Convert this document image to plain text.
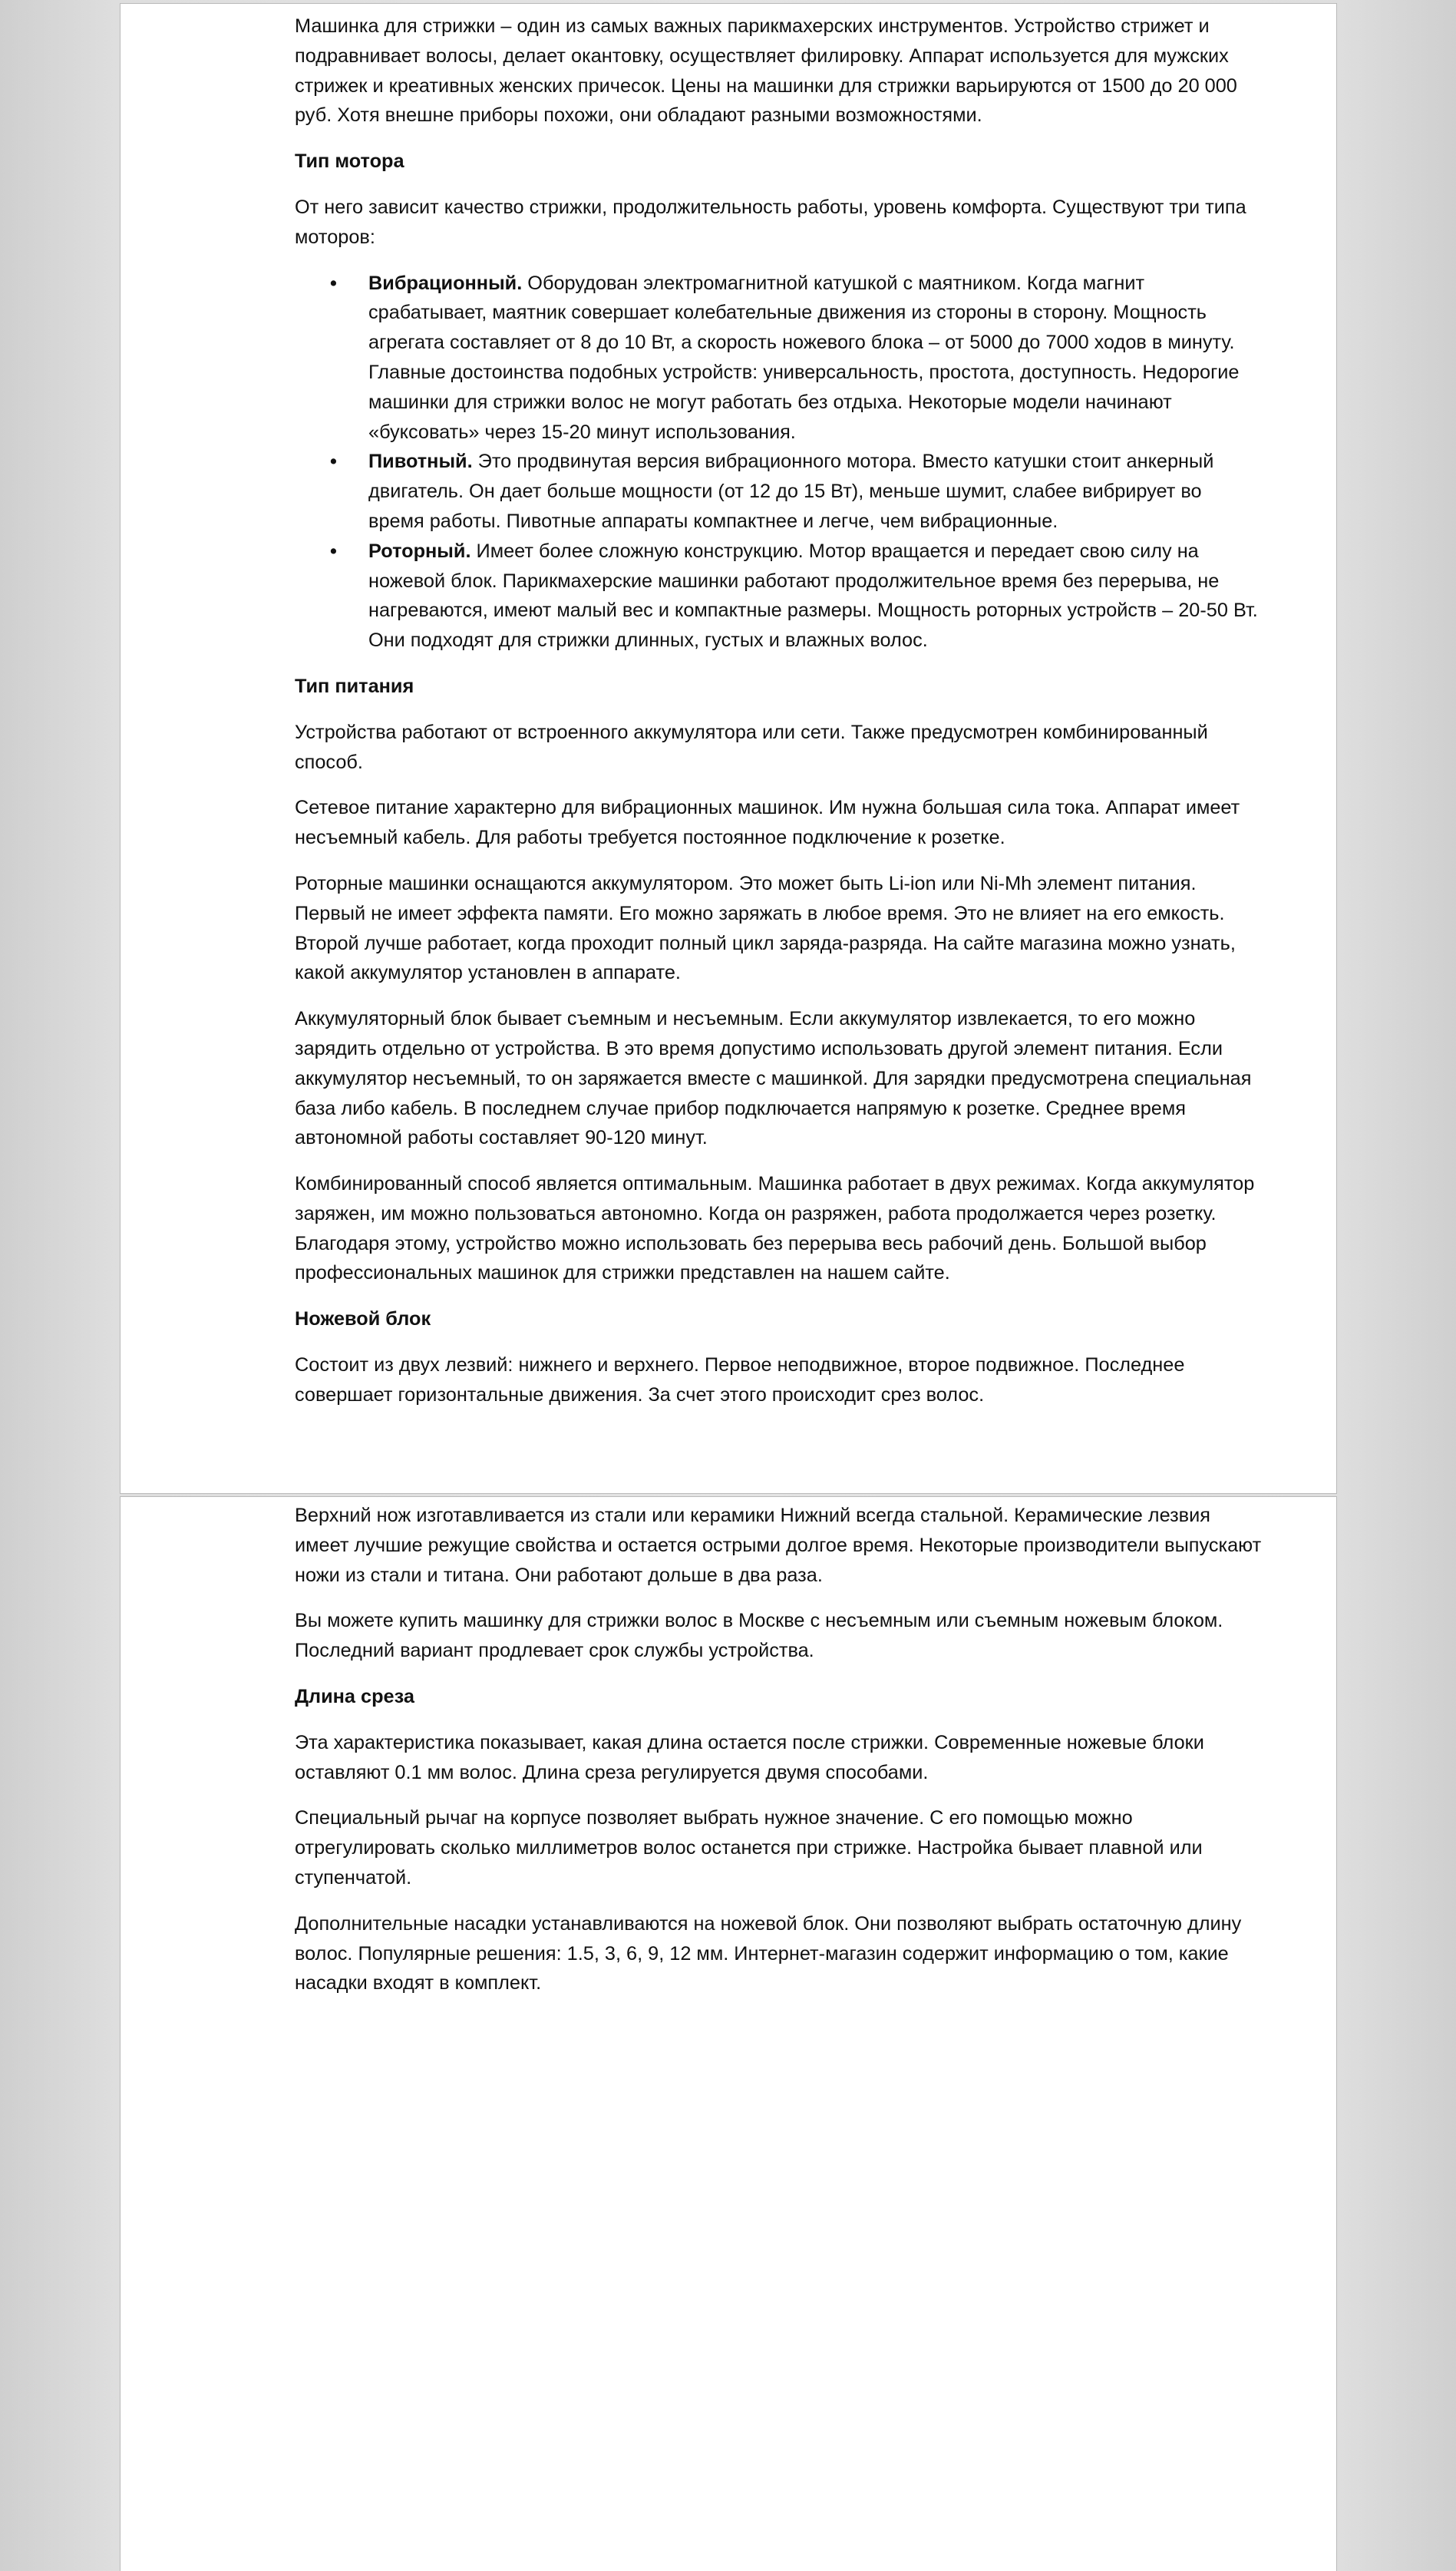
Машинка для стрижки – один из самых важных парикмахерских инструментов. Устройство стрижет и подравнивает волосы, делает окантовку, осуществляет филировку. Аппарат используется для мужских стрижек и креативных женских причесок. Цены на машинки для стрижки варьируются от 1500 до 20 000 руб. Хотя внешне приборы похожи, они обладают разными возможностями.

Тип мотора

От него зависит качество стрижки, продолжительность работы, уровень комфорта. Существуют три типа моторов:

• Вибрационный. Оборудован электромагнитной катушкой с маятником. Когда магнит срабатывает, маятник совершает колебательные движения из стороны в сторону. Мощность агрегата составляет от 8 до 10 Вт, а скорость ножевого блока – от 5000 до 7000 ходов в минуту. Главные достоинства подобных устройств: универсальность, простота, доступность. Недорогие машинки для стрижки волос не могут работать без отдыха. Некоторые модели начинают «буксовать» через 15-20 минут использования.
• Пивотный. Это продвинутая версия вибрационного мотора. Вместо катушки стоит анкерный двигатель. Он дает больше мощности (от 12 до 15 Вт), меньше шумит, слабее вибрирует во время работы. Пивотные аппараты компактнее и легче, чем вибрационные.
• Роторный. Имеет более сложную конструкцию. Мотор вращается и передает свою силу на ножевой блок. Парикмахерские машинки работают продолжительное время без перерыва, не нагреваются, имеют малый вес и компактные размеры. Мощность роторных устройств – 20-50 Вт. Они подходят для стрижки длинных, густых и влажных волос.
Тип питания

Устройства работают от встроенного аккумулятора или сети. Также предусмотрен комбинированный способ.

Сетевое питание характерно для вибрационных машинок. Им нужна большая сила тока. Аппарат имеет несъемный кабель. Для работы требуется постоянное подключение к розетке.

Роторные машинки оснащаются аккумулятором. Это может быть Li-ion или Ni-Mh элемент питания. Первый не имеет эффекта памяти. Его можно заряжать в любое время. Это не влияет на его емкость. Второй лучше работает, когда проходит полный цикл заряда-разряда. На сайте магазина можно узнать, какой аккумулятор установлен в аппарате.

Аккумуляторный блок бывает съемным и несъемным. Если аккумулятор извлекается, то его можно зарядить отдельно от устройства. В это время допустимо использовать другой элемент питания. Если аккумулятор несъемный, то он заряжается вместе с машинкой. Для зарядки предусмотрена специальная база либо кабель. В последнем случае прибор подключается напрямую к розетке. Среднее время автономной работы составляет 90-120 минут.

Комбинированный способ является оптимальным. Машинка работает в двух режимах. Когда аккумулятор заряжен, им можно пользоваться автономно. Когда он разряжен, работа продолжается через розетку. Благодаря этому, устройство можно использовать без перерыва весь рабочий день. Большой выбор профессиональных машинок для стрижки представлен на нашем сайте.

Ножевой блок

Состоит из двух лезвий: нижнего и верхнего. Первое неподвижное, второе подвижное. Последнее совершает горизонтальные движения. За счет этого происходит срез волос.

Верхний нож изготавливается из стали или керамики Нижний всегда стальной. Керамические лезвия имеет лучшие режущие свойства и остается острыми долгое время. Некоторые производители выпускают ножи из стали и титана. Они работают дольше в два раза.

Вы можете купить машинку для стрижки волос в Москве с несъемным или съемным ножевым блоком. Последний вариант продлевает срок службы устройства.

Длина среза

Эта характеристика показывает, какая длина остается после стрижки. Современные ножевые блоки оставляют 0.1 мм волос. Длина среза регулируется двумя способами.

Специальный рычаг на корпусе позволяет выбрать нужное значение. С его помощью можно отрегулировать сколько миллиметров волос останется при стрижке. Настройка бывает плавной или ступенчатой.

Дополнительные насадки устанавливаются на ножевой блок. Они позволяют выбрать остаточную длину волос. Популярные решения: 1.5, 3, 6, 9, 12 мм. Интернет-магазин содержит информацию о том, какие насадки входят в комплект.
